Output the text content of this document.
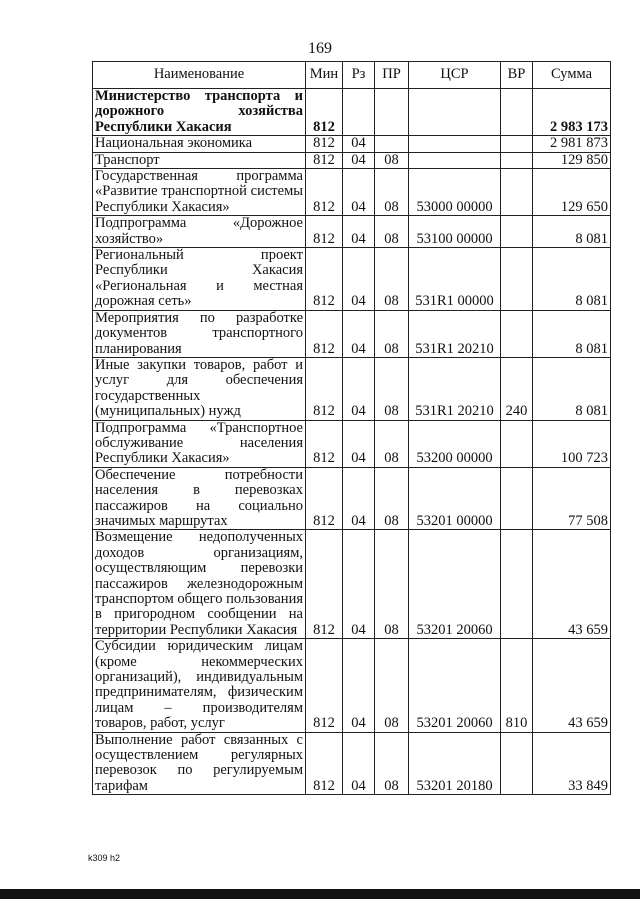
169
Наименование	Мин	Рз	ПР	ЦСР	ВР	Сумма
Министерство транспорта и дорожного хозяйства Республики Хакасия	812					2 983 173
Национальная экономика	812	04				2 981 873
Транспорт	812	04	08			129 850
Государственная программа «Развитие транспортной системы Республики Хакасия»	812	04	08	53000 00000		129 650
Подпрограмма «Дорожное хозяйство»	812	04	08	53100 00000		8 081
Региональный проект Республики Хакасия «Региональная и местная дорожная сеть»	812	04	08	531R1 00000		8 081
Мероприятия по разработке документов транспортного планирования	812	04	08	531R1 20210		8 081
Иные закупки товаров, работ и услуг для обеспечения государственных (муниципальных) нужд	812	04	08	531R1 20210	240	8 081
Подпрограмма «Транспортное обслуживание населения Республики Хакасия»	812	04	08	53200 00000		100 723
Обеспечение потребности населения в перевозках пассажиров на социально значимых маршрутах	812	04	08	53201 00000		77 508
Возмещение недополученных доходов организациям, осуществляющим перевозки пассажиров железнодорожным транспортом общего пользования в пригородном сообщении на территории Республики Хакасия	812	04	08	53201 20060		43 659
Субсидии юридическим лицам (кроме некоммерческих организаций), индивидуальным предпринимателям, физическим лицам – производителям товаров, работ, услуг	812	04	08	53201 20060	810	43 659
Выполнение работ связанных с осуществлением регулярных перевозок по регулируемым тарифам	812	04	08	53201 20180		33 849
k309 h2
